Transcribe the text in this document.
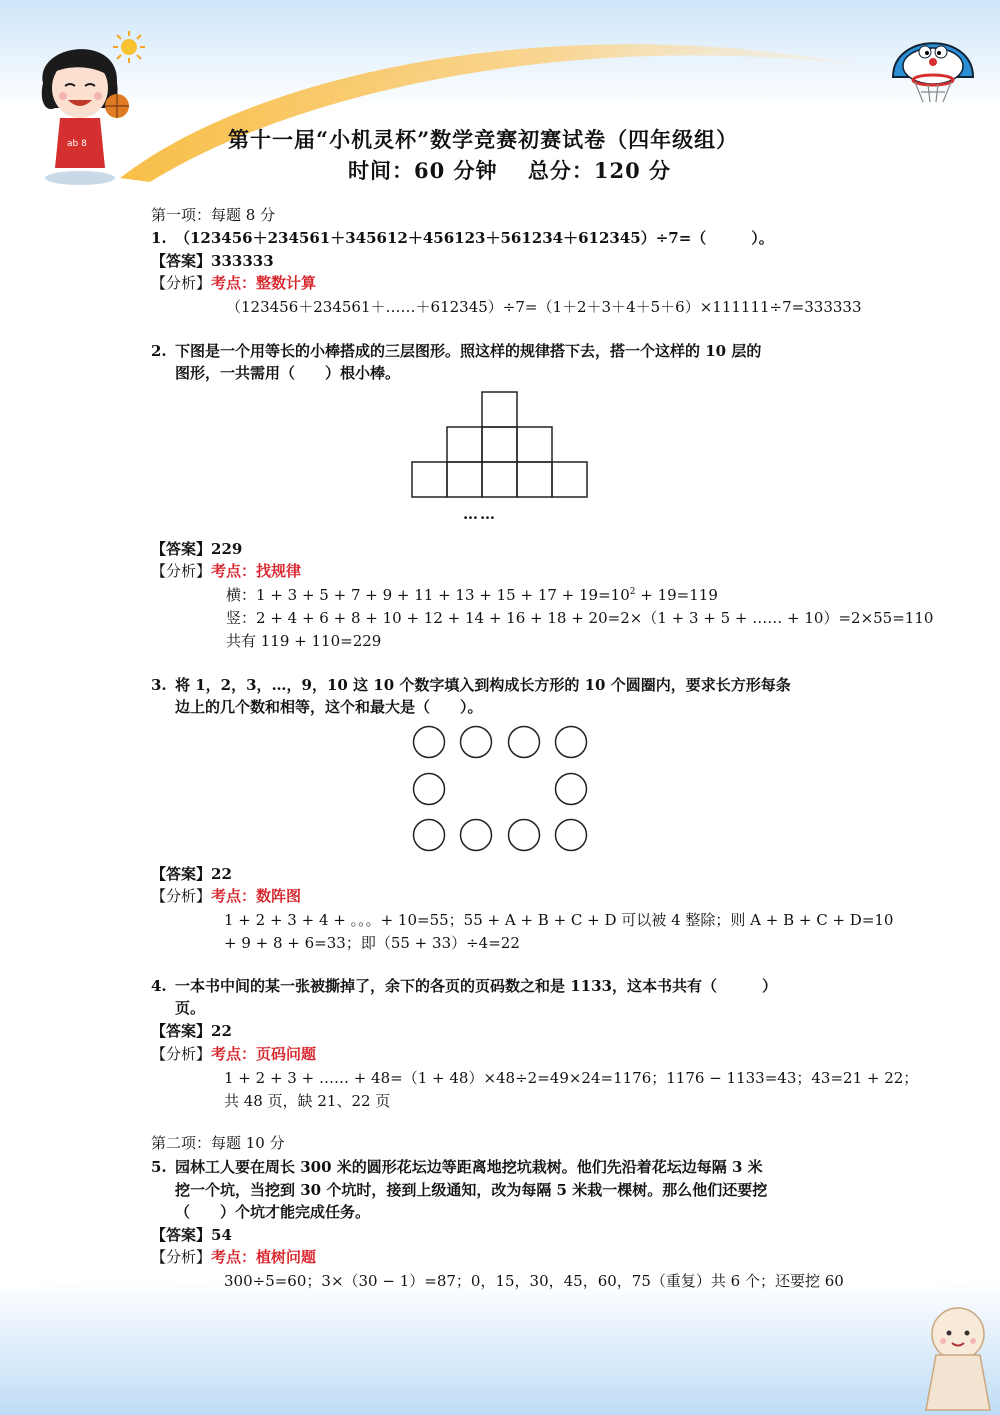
ab 8	第十一届“小机灵杯”数学竞赛初赛试卷（四年级组）
时间：60 分钟　 总分：120 分
第一项：每题 8 分
1. （123456＋234561＋345612＋456123＋561234＋612345）÷7=（　　　）。
【答案】333333
【分析】考点：整数计算
（123456＋234561＋……＋612345）÷7=（1＋2＋3＋4＋5＋6）×111111÷7=333333
2. 下图是一个用等长的小棒搭成的三层图形。照这样的规律搭下去，搭一个这样的 10 层的
图形，一共需用（　　）根小棒。
……
【答案】229
【分析】考点：找规律
横：$1 + 3 + 5 + 7 + 9 + 11 + 13 + 15 + 17 + 19=10^2 + 19=119$
竖：2 + 4 + 6 + 8 + 10 + 12 + 14 + 16 + 18 + 20=2×（1 + 3 + 5 + …… + 10）=2×55=110
共有 119 + 110=229
3. 将 1，2，3，…，9，10 这 10 个数字填入到构成长方形的 10 个圆圈内，要求长方形每条
边上的几个数和相等，这个和最大是（　　）。
【答案】22
【分析】考点：数阵图
1 + 2 + 3 + 4 + 。。。+ 10=55；55 + A + B + C + D 可以被 4 整除；则 A + B + C + D=10
+ 9 + 8 + 6=33；即（55 + 33）÷4=22
4. 一本书中间的某一张被撕掉了，余下的各页的页码数之和是 1133，这本书共有（　　　）
页。
【答案】22
【分析】考点：页码问题
1 + 2 + 3 + …… + 48=（1 + 48）×48÷2=49×24=1176；1176 − 1133=43；43=21 + 22；
共 48 页，缺 21、22 页
第二项：每题 10 分
5. 园林工人要在周长 300 米的圆形花坛边等距离地挖坑栽树。他们先沿着花坛边每隔 3 米
挖一个坑，当挖到 30 个坑时，接到上级通知，改为每隔 5 米栽一棵树。那么他们还要挖
（　　）个坑才能完成任务。
【答案】54
【分析】考点：植树问题
300÷5=60；3×（30 − 1）=87；0，15，30，45，60，75（重复）共 6 个；还要挖 60
